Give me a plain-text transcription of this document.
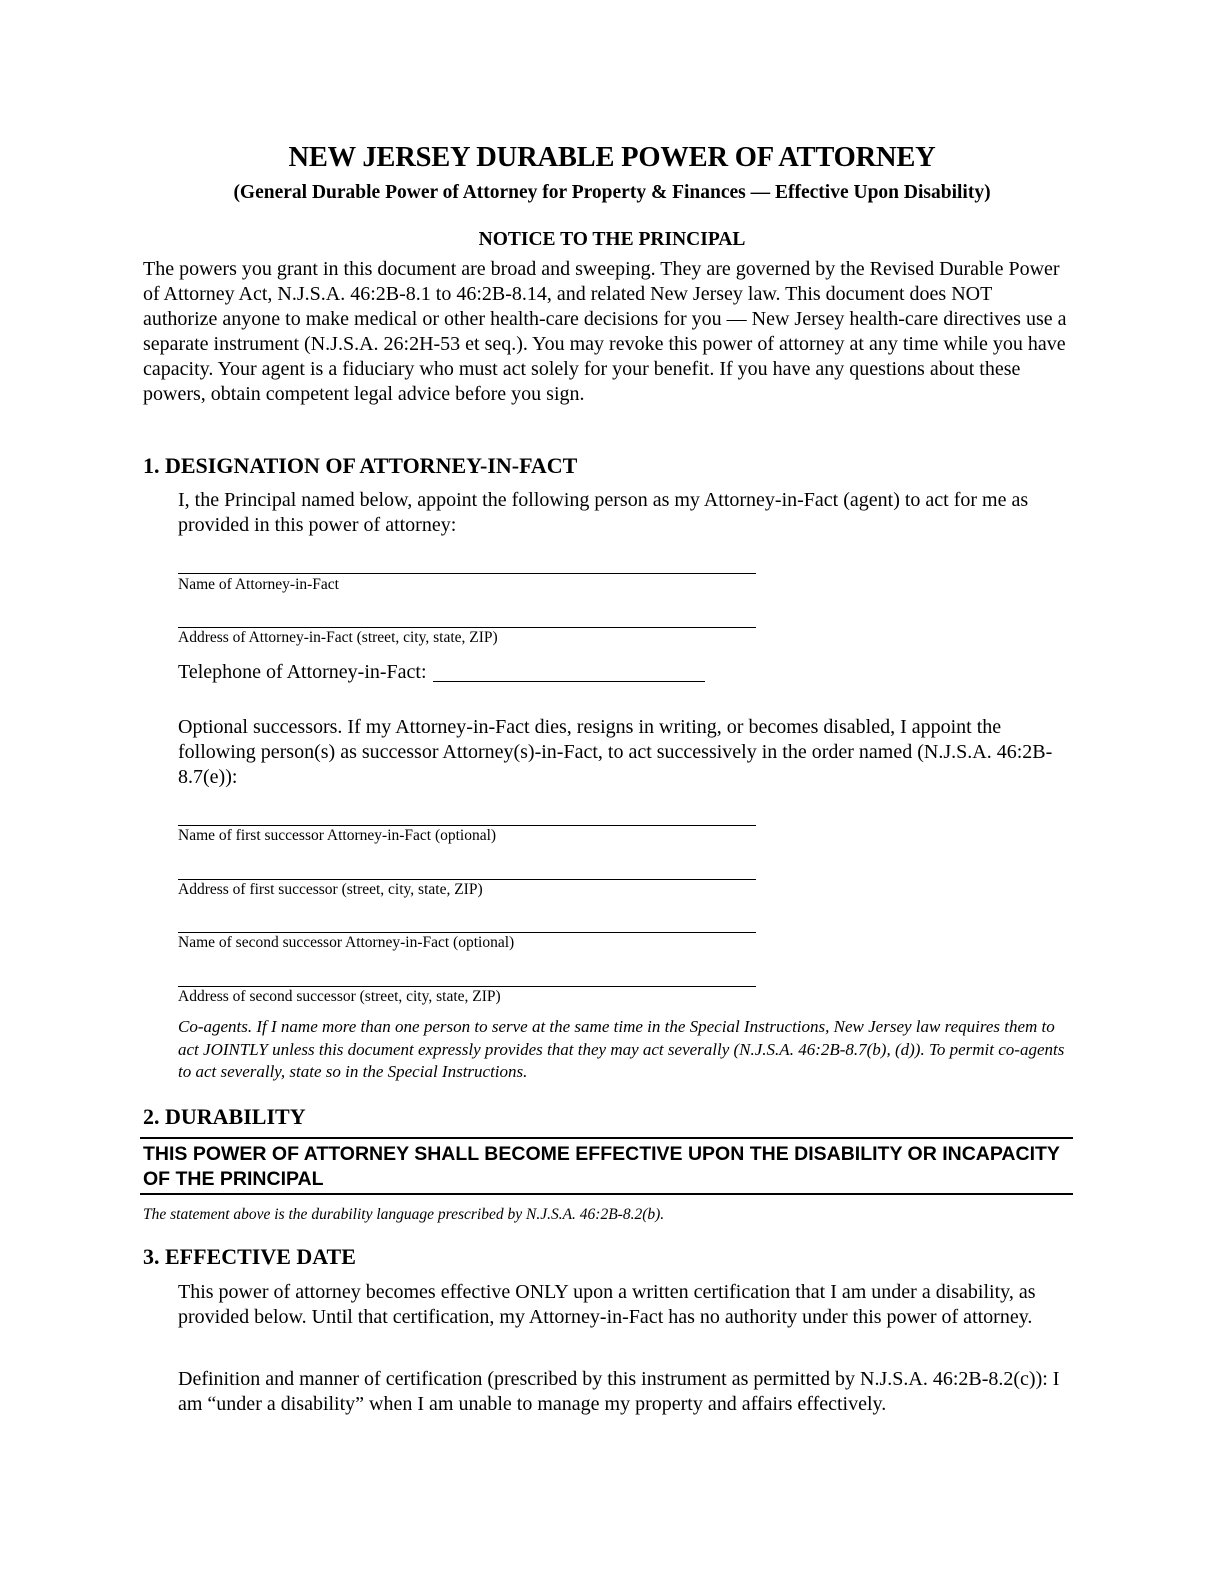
NEW JERSEY DURABLE POWER OF ATTORNEY
(General Durable Power of Attorney for Property & Finances — Effective Upon Disability)
NOTICE TO THE PRINCIPAL

The powers you grant in this document are broad and sweeping. They are governed by the Revised Durable Power of Attorney Act, N.J.S.A. 46:2B-8.1 to 46:2B-8.14, and related New Jersey law. This document does NOT authorize anyone to make medical or other health-care decisions for you — New Jersey health-care directives use a separate instrument (N.J.S.A. 26:2H-53 et seq.). You may revoke this power of attorney at any time while you have capacity. Your agent is a fiduciary who must act solely for your benefit. If you have any questions about these powers, obtain competent legal advice before you sign.

1. DESIGNATION OF ATTORNEY-IN-FACT

I, the Principal named below, appoint the following person as my Attorney-in-Fact (agent) to act for me as provided in this power of attorney:

Name of Attorney-in-Fact
Address of Attorney-in-Fact (street, city, state, ZIP)
Telephone of Attorney-in-Fact:

Optional successors. If my Attorney-in-Fact dies, resigns in writing, or becomes disabled, I appoint the following person(s) as successor Attorney(s)-in-Fact, to act successively in the order named (N.J.S.A. 46:2B-8.7(e)):

Name of first successor Attorney-in-Fact (optional)
Address of first successor (street, city, state, ZIP)
Name of second successor Attorney-in-Fact (optional)
Address of second successor (street, city, state, ZIP)

Co-agents. If I name more than one person to serve at the same time in the Special Instructions, New Jersey law requires them to act JOINTLY unless this document expressly provides that they may act severally (N.J.S.A. 46:2B-8.7(b), (d)). To permit co-agents to act severally, state so in the Special Instructions.

2. DURABILITY

THIS POWER OF ATTORNEY SHALL BECOME EFFECTIVE UPON THE DISABILITY OR INCAPACITY OF THE PRINCIPAL

The statement above is the durability language prescribed by N.J.S.A. 46:2B-8.2(b).
3. EFFECTIVE DATE

This power of attorney becomes effective ONLY upon a written certification that I am under a disability, as provided below. Until that certification, my Attorney-in-Fact has no authority under this power of attorney.

Definition and manner of certification (prescribed by this instrument as permitted by N.J.S.A. 46:2B-8.2(c)): I am “under a disability” when I am unable to manage my property and affairs effectively.
